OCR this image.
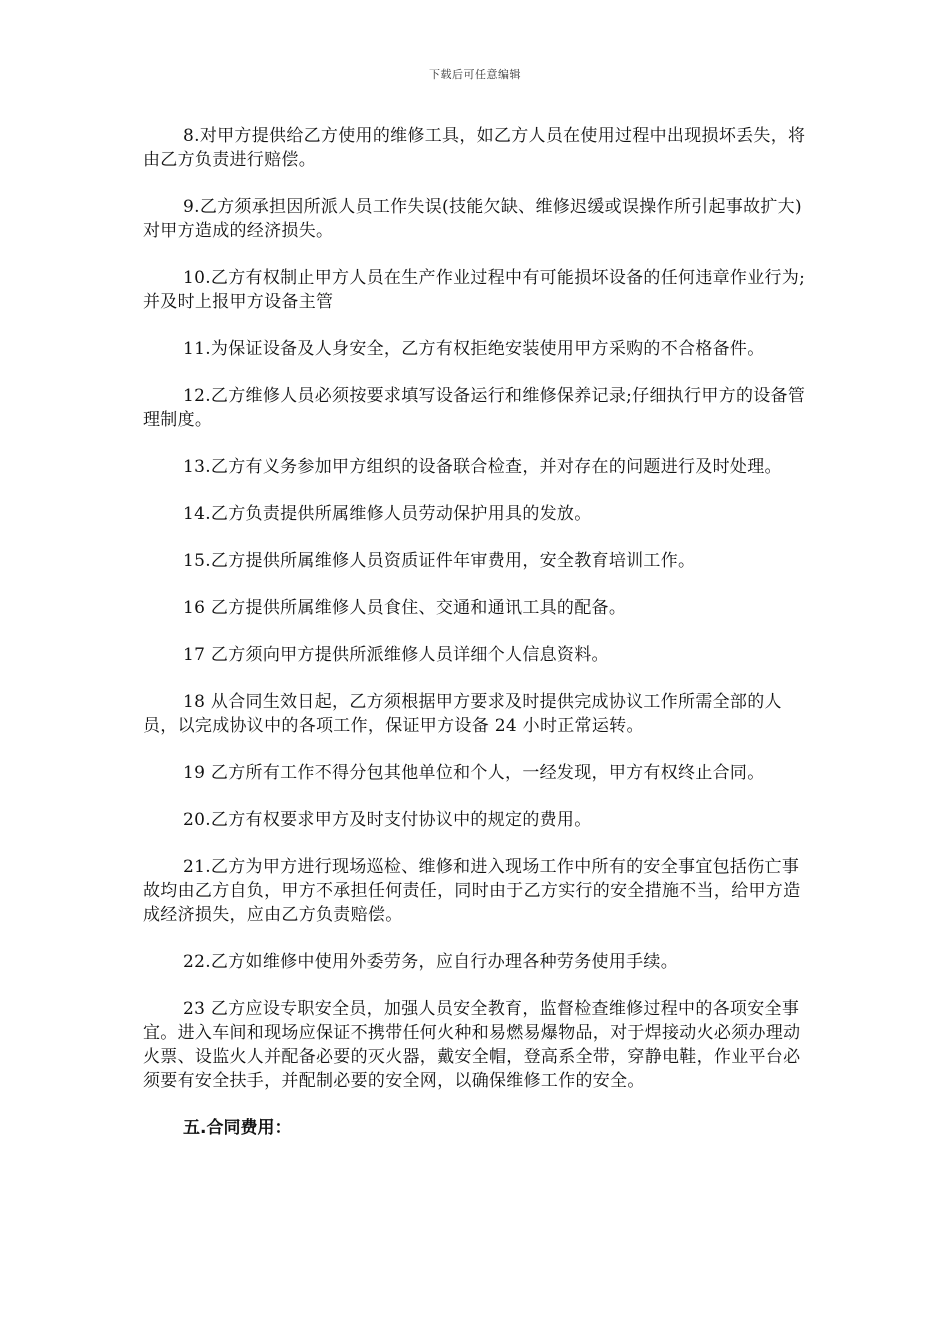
下载后可任意编辑

8.对甲方提供给乙方使用的维修工具，如乙方人员在使用过程中出现损坏丢失，将由乙方负责进行赔偿。

9.乙方须承担因所派人员工作失误(技能欠缺、维修迟缓或误操作所引起事故扩大)对甲方造成的经济损失。

10.乙方有权制止甲方人员在生产作业过程中有可能损坏设备的任何违章作业行为;并及时上报甲方设备主管

11.为保证设备及人身安全，乙方有权拒绝安装使用甲方采购的不合格备件。

12.乙方维修人员必须按要求填写设备运行和维修保养记录;仔细执行甲方的设备管理制度。

13.乙方有义务参加甲方组织的设备联合检查，并对存在的问题进行及时处理。

14.乙方负责提供所属维修人员劳动保护用具的发放。

15.乙方提供所属维修人员资质证件年审费用，安全教育培训工作。

16 乙方提供所属维修人员食住、交通和通讯工具的配备。

17 乙方须向甲方提供所派维修人员详细个人信息资料。

18 从合同生效日起，乙方须根据甲方要求及时提供完成协议工作所需全部的人员，以完成协议中的各项工作，保证甲方设备 24 小时正常运转。

19 乙方所有工作不得分包其他单位和个人，一经发现，甲方有权终止合同。

20.乙方有权要求甲方及时支付协议中的规定的费用。

21.乙方为甲方进行现场巡检、维修和进入现场工作中所有的安全事宜包括伤亡事故均由乙方自负，甲方不承担任何责任，同时由于乙方实行的安全措施不当，给甲方造成经济损失，应由乙方负责赔偿。

22.乙方如维修中使用外委劳务，应自行办理各种劳务使用手续。

23 乙方应设专职安全员，加强人员安全教育，监督检查维修过程中的各项安全事宜。进入车间和现场应保证不携带任何火种和易燃易爆物品，对于焊接动火必须办理动火票、设监火人并配备必要的灭火器，戴安全帽，登高系全带，穿静电鞋，作业平台必须要有安全扶手，并配制必要的安全网，以确保维修工作的安全。

五.合同费用：
